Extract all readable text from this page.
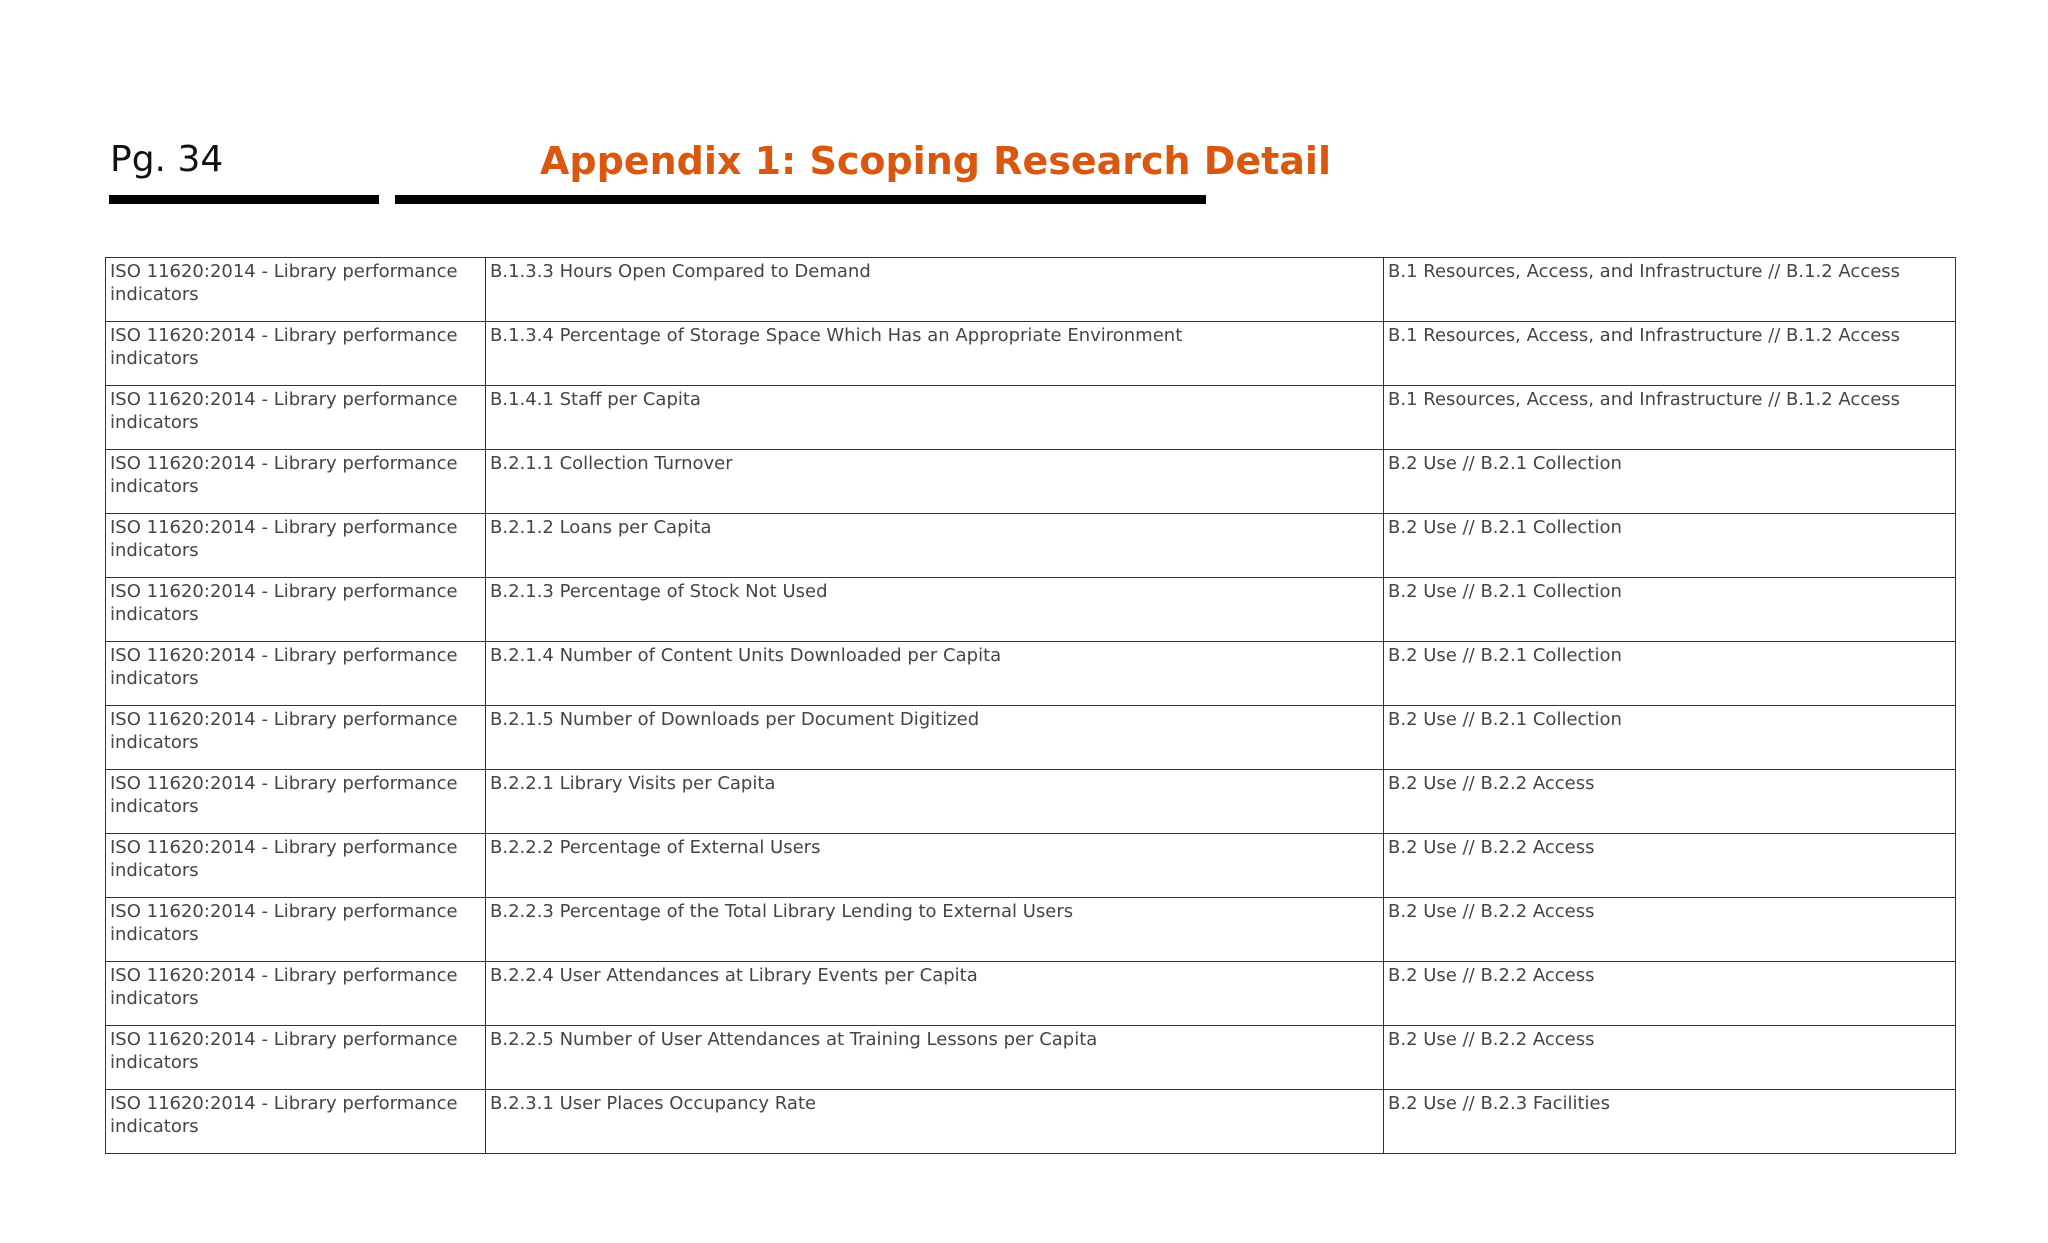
Pg. 34	Appendix 1: Scoping Research Detail
ISO 11620:2014 - Library performance indicators	B.1.3.3 Hours Open Compared to Demand	B.1 Resources, Access, and Infrastructure // B.1.2 Access
ISO 11620:2014 - Library performance indicators	B.1.3.4 Percentage of Storage Space Which Has an Appropriate Environment	B.1 Resources, Access, and Infrastructure // B.1.2 Access
ISO 11620:2014 - Library performance indicators	B.1.4.1 Staff per Capita	B.1 Resources, Access, and Infrastructure // B.1.2 Access
ISO 11620:2014 - Library performance indicators	B.2.1.1 Collection Turnover	B.2 Use // B.2.1 Collection
ISO 11620:2014 - Library performance indicators	B.2.1.2 Loans per Capita	B.2 Use // B.2.1 Collection
ISO 11620:2014 - Library performance indicators	B.2.1.3 Percentage of Stock Not Used	B.2 Use // B.2.1 Collection
ISO 11620:2014 - Library performance indicators	B.2.1.4 Number of Content Units Downloaded per Capita	B.2 Use // B.2.1 Collection
ISO 11620:2014 - Library performance indicators	B.2.1.5 Number of Downloads per Document Digitized	B.2 Use // B.2.1 Collection
ISO 11620:2014 - Library performance indicators	B.2.2.1 Library Visits per Capita	B.2 Use // B.2.2 Access
ISO 11620:2014 - Library performance indicators	B.2.2.2 Percentage of External Users	B.2 Use // B.2.2 Access
ISO 11620:2014 - Library performance indicators	B.2.2.3 Percentage of the Total Library Lending to External Users	B.2 Use // B.2.2 Access
ISO 11620:2014 - Library performance indicators	B.2.2.4 User Attendances at Library Events per Capita	B.2 Use // B.2.2 Access
ISO 11620:2014 - Library performance indicators	B.2.2.5 Number of User Attendances at Training Lessons per Capita	B.2 Use // B.2.2 Access
ISO 11620:2014 - Library performance indicators	B.2.3.1 User Places Occupancy Rate	B.2 Use // B.2.3 Facilities
